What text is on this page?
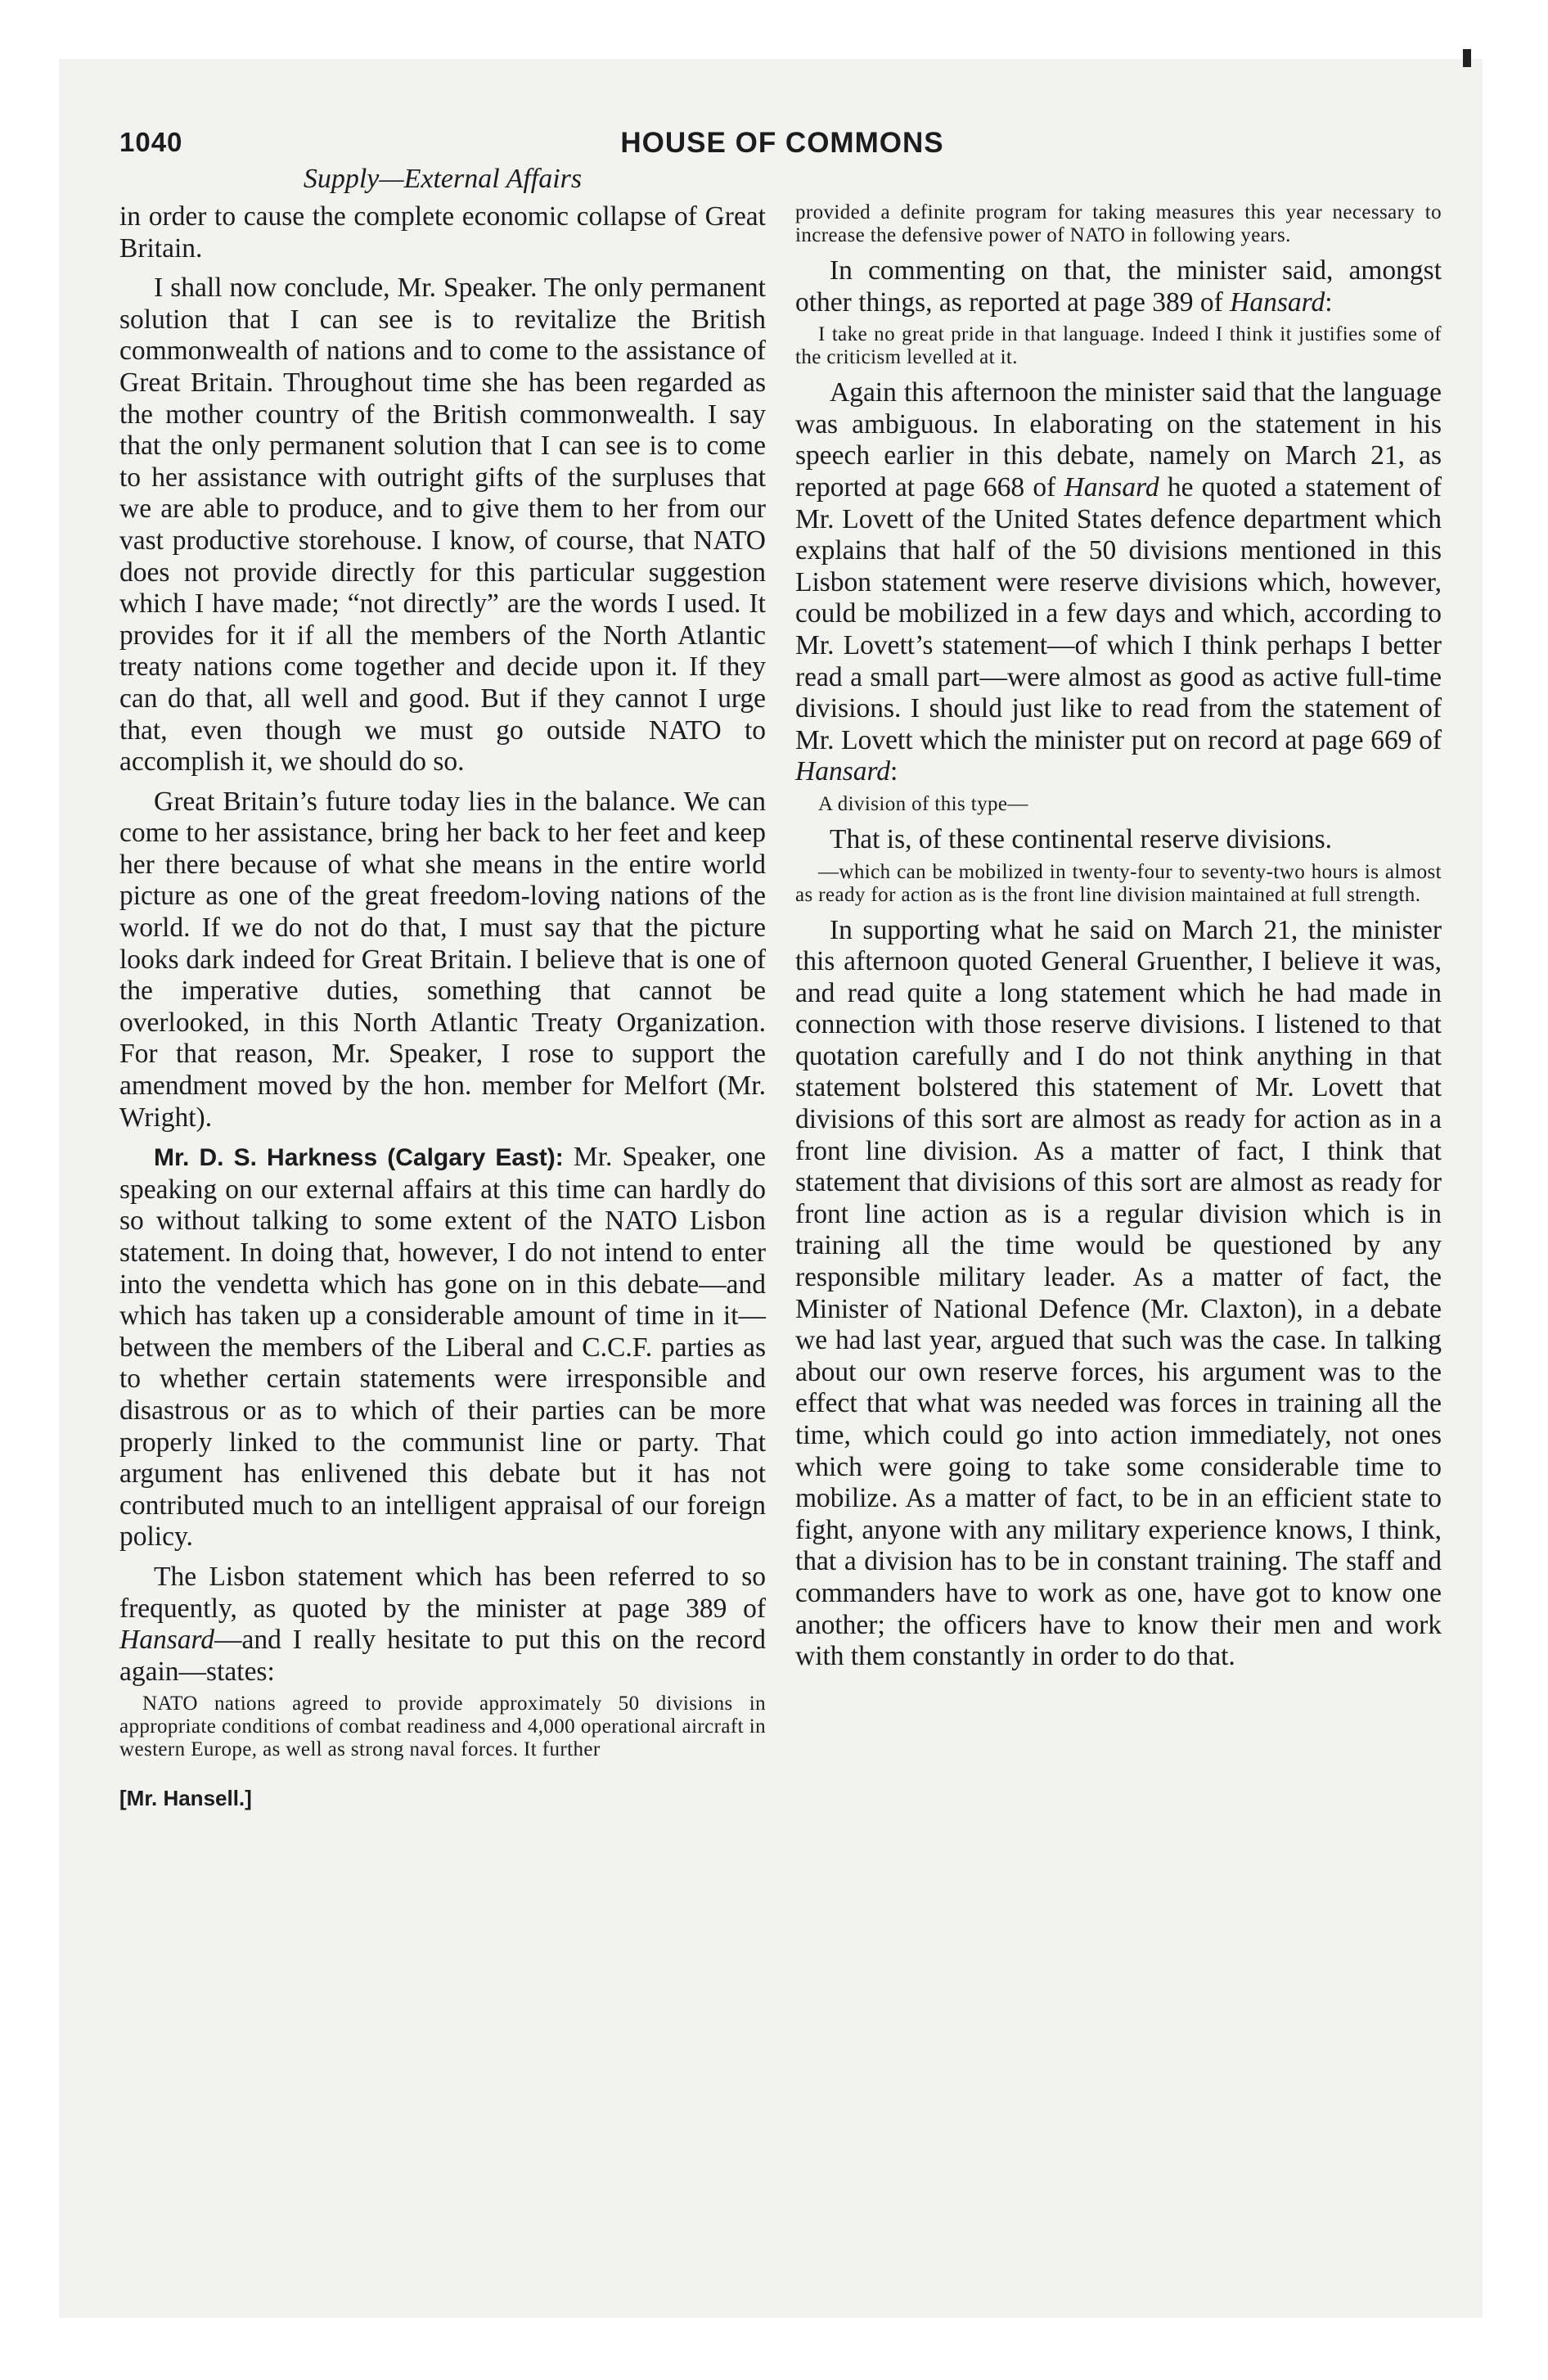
1040	HOUSE OF COMMONS
Supply—External Affairs

in order to cause the complete economic collapse of Great Britain.

I shall now conclude, Mr. Speaker. The only permanent solution that I can see is to revitalize the British commonwealth of nations and to come to the assistance of Great Britain. Throughout time she has been regarded as the mother country of the British commonwealth. I say that the only permanent solution that I can see is to come to her assistance with outright gifts of the surpluses that we are able to produce, and to give them to her from our vast productive storehouse. I know, of course, that NATO does not provide directly for this particular suggestion which I have made; “not directly” are the words I used. It provides for it if all the members of the North Atlantic treaty nations come together and decide upon it. If they can do that, all well and good. But if they cannot I urge that, even though we must go outside NATO to accomplish it, we should do so.

Great Britain’s future today lies in the balance. We can come to her assistance, bring her back to her feet and keep her there because of what she means in the entire world picture as one of the great freedom-loving nations of the world. If we do not do that, I must say that the picture looks dark indeed for Great Britain. I believe that is one of the imperative duties, something that cannot be overlooked, in this North Atlantic Treaty Organization. For that reason, Mr. Speaker, I rose to support the amendment moved by the hon. member for Melfort (Mr. Wright).

Mr. D. S. Harkness (Calgary East): Mr. Speaker, one speaking on our external affairs at this time can hardly do so without talking to some extent of the NATO Lisbon statement. In doing that, however, I do not intend to enter into the vendetta which has gone on in this debate—and which has taken up a considerable amount of time in it—between the members of the Liberal and C.C.F. parties as to whether certain statements were irresponsible and disastrous or as to which of their parties can be more properly linked to the communist line or party. That argument has enlivened this debate but it has not contributed much to an intelligent appraisal of our foreign policy.

The Lisbon statement which has been referred to so frequently, as quoted by the minister at page 389 of Hansard—and I really hesitate to put this on the record again—states:

NATO nations agreed to provide approximately 50 divisions in appropriate conditions of combat readiness and 4,000 operational aircraft in western Europe, as well as strong naval forces. It further

[Mr. Hansell.]

provided a definite program for taking measures this year necessary to increase the defensive power of NATO in following years.

In commenting on that, the minister said, amongst other things, as reported at page 389 of Hansard:

I take no great pride in that language. Indeed I think it justifies some of the criticism levelled at it.

Again this afternoon the minister said that the language was ambiguous. In elaborating on the statement in his speech earlier in this debate, namely on March 21, as reported at page 668 of Hansard he quoted a statement of Mr. Lovett of the United States defence department which explains that half of the 50 divisions mentioned in this Lisbon statement were reserve divisions which, however, could be mobilized in a few days and which, according to Mr. Lovett’s statement—of which I think perhaps I better read a small part—were almost as good as active full-time divisions. I should just like to read from the statement of Mr. Lovett which the minister put on record at page 669 of Hansard:

A division of this type—

That is, of these continental reserve divisions.

—which can be mobilized in twenty-four to seventy-two hours is almost as ready for action as is the front line division maintained at full strength.

In supporting what he said on March 21, the minister this afternoon quoted General Gruenther, I believe it was, and read quite a long statement which he had made in connection with those reserve divisions. I listened to that quotation carefully and I do not think anything in that statement bolstered this statement of Mr. Lovett that divisions of this sort are almost as ready for action as in a front line division. As a matter of fact, I think that statement that divisions of this sort are almost as ready for front line action as is a regular division which is in training all the time would be questioned by any responsible military leader. As a matter of fact, the Minister of National Defence (Mr. Claxton), in a debate we had last year, argued that such was the case. In talking about our own reserve forces, his argument was to the effect that what was needed was forces in training all the time, which could go into action immediately, not ones which were going to take some considerable time to mobilize. As a matter of fact, to be in an efficient state to fight, anyone with any military experience knows, I think, that a division has to be in constant training. The staff and commanders have to work as one, have got to know one another; the officers have to know their men and work with them constantly in order to do that.
